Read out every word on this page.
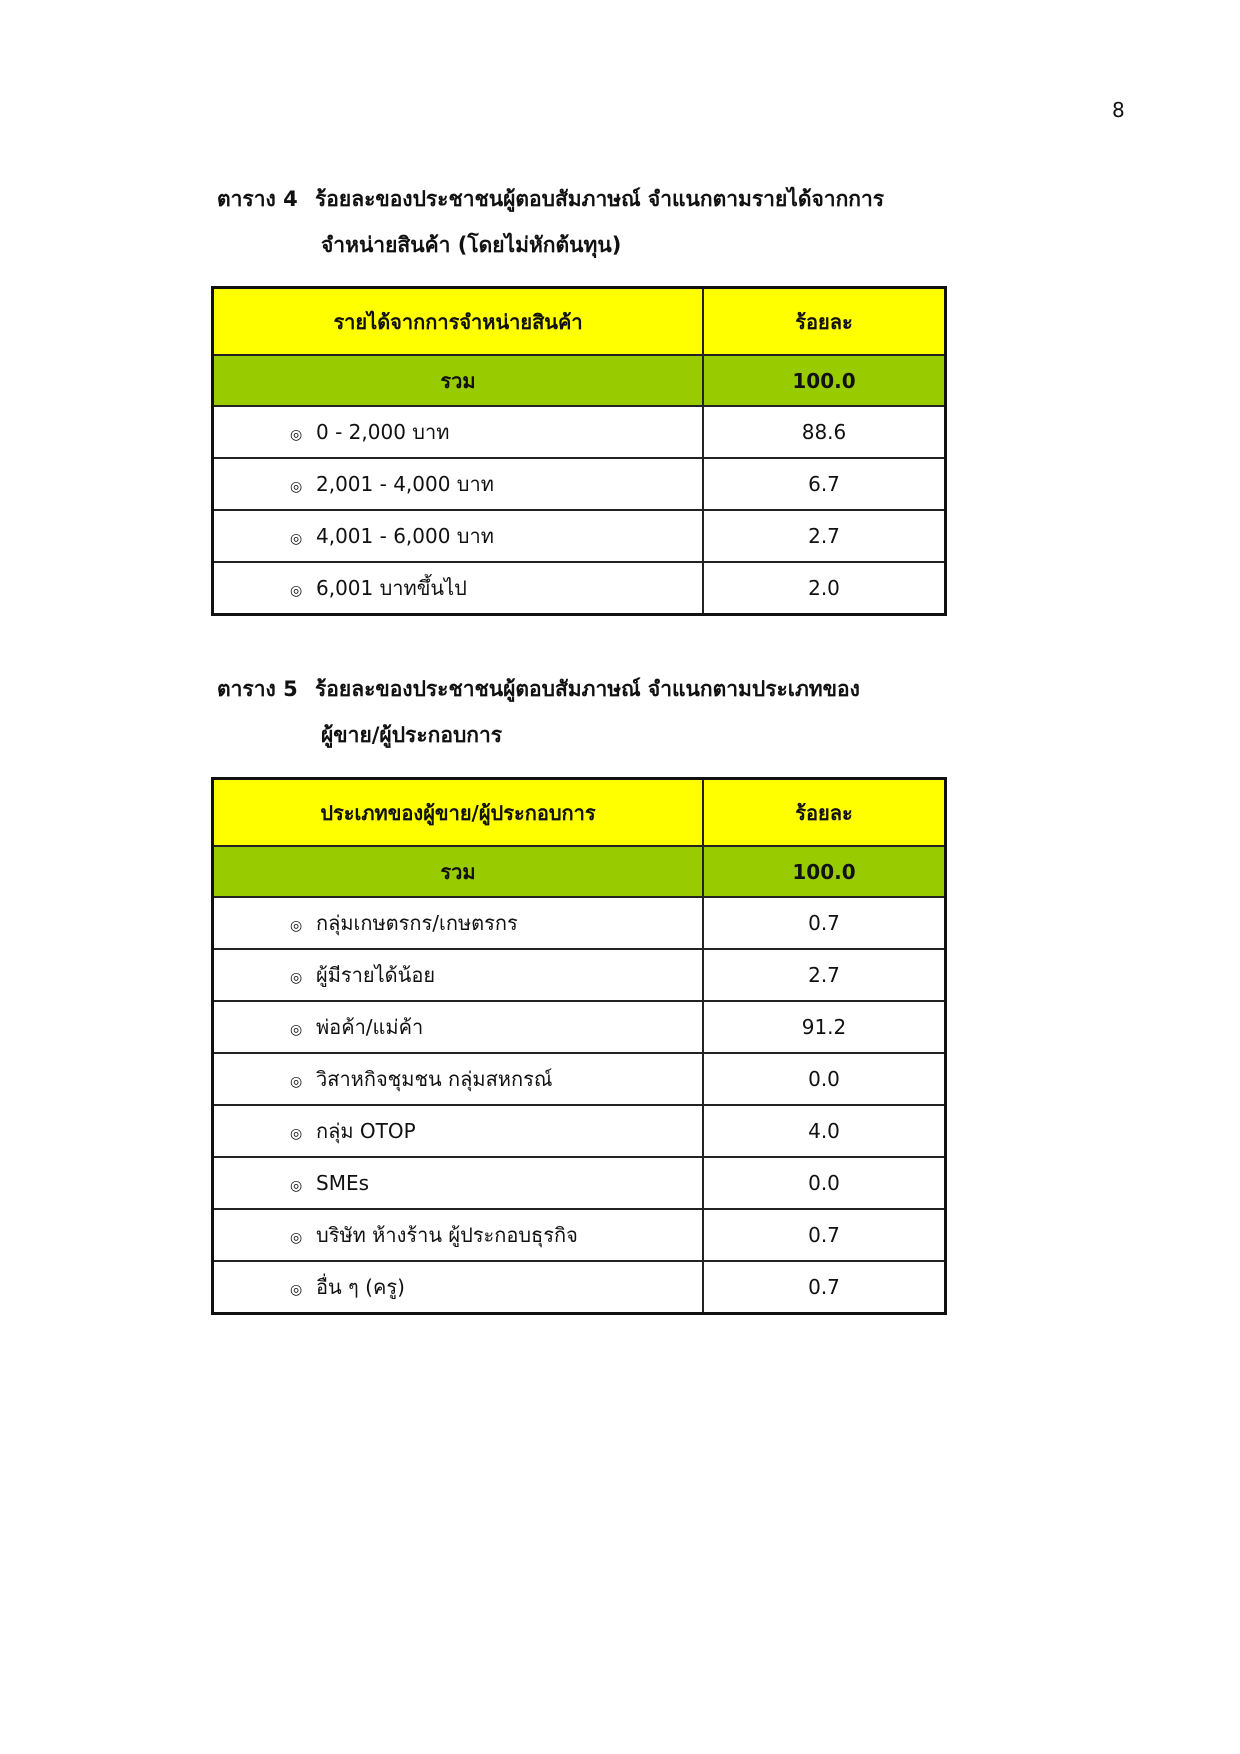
8
ตาราง 4 ร้อยละของประชาชนผู้ตอบสัมภาษณ์ จำแนกตามรายได้จากการ
จำหน่ายสินค้า (โดยไม่หักต้นทุน)
รายได้จากการจำหน่ายสินค้า	ร้อยละ
รวม	100.0
◎ 0 - 2,000 บาท	88.6
◎ 2,001 - 4,000 บาท	6.7
◎ 4,001 - 6,000 บาท	2.7
◎ 6,001 บาทขึ้นไป	2.0
ตาราง 5 ร้อยละของประชาชนผู้ตอบสัมภาษณ์ จำแนกตามประเภทของ
ผู้ขาย/ผู้ประกอบการ
ประเภทของผู้ขาย/ผู้ประกอบการ	ร้อยละ
รวม	100.0
◎ กลุ่มเกษตรกร/เกษตรกร	0.7
◎ ผู้มีรายได้น้อย	2.7
◎ พ่อค้า/แม่ค้า	91.2
◎ วิสาหกิจชุมชน กลุ่มสหกรณ์	0.0
◎ กลุ่ม OTOP	4.0
◎ SMEs	0.0
◎ บริษัท ห้างร้าน ผู้ประกอบธุรกิจ	0.7
◎ อื่น ๆ (ครู)	0.7
